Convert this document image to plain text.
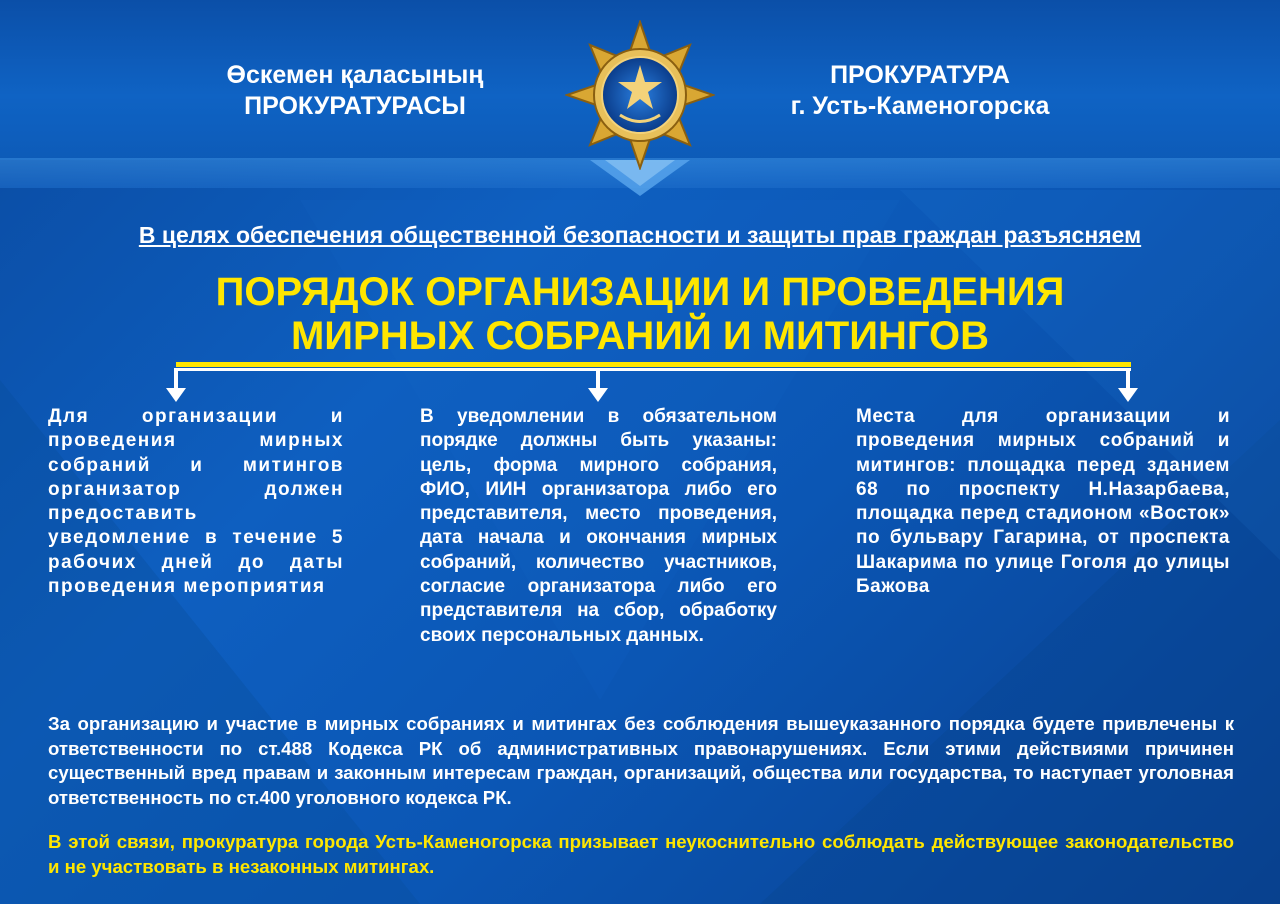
Өскемен қаласының
ПРОКУРАТУРАСЫ
ПРОКУРАТУРА
г. Усть-Каменогорска
В целях обеспечения общественной безопасности и защиты прав граждан разъясняем
ПОРЯДОК ОРГАНИЗАЦИИ И ПРОВЕДЕНИЯ
МИРНЫХ СОБРАНИЙ И МИТИНГОВ
Для организации и проведения мирных собраний и митингов организатор должен предоставить уведомление в течение 5 рабочих дней до даты проведения мероприятия
В уведомлении в обязательном порядке должны быть указаны: цель, форма мирного собрания, ФИО, ИИН организатора либо его представителя, место проведения, дата начала и окончания мирных собраний, количество участников, согласие организатора либо его представителя на сбор, обработку своих персональных данных.
Места для организации и проведения мирных собраний и митингов: площадка перед зданием 68 по проспекту Н.Назарбаева, площадка перед стадионом «Восток» по бульвару Гагарина, от проспекта Шакарима по улице Гоголя до улицы Бажова
За организацию и участие в мирных собраниях и митингах без соблюдения вышеуказанного порядка будете привлечены к ответственности по ст.488 Кодекса РК об административных правонарушениях. Если этими действиями причинен существенный вред правам и законным интересам граждан, организаций, общества или государства, то наступает уголовная ответственность по ст.400 уголовного кодекса РК.
В этой связи, прокуратура города Усть-Каменогорска призывает неукоснительно соблюдать действующее законодательство и не участвовать в незаконных митингах.
